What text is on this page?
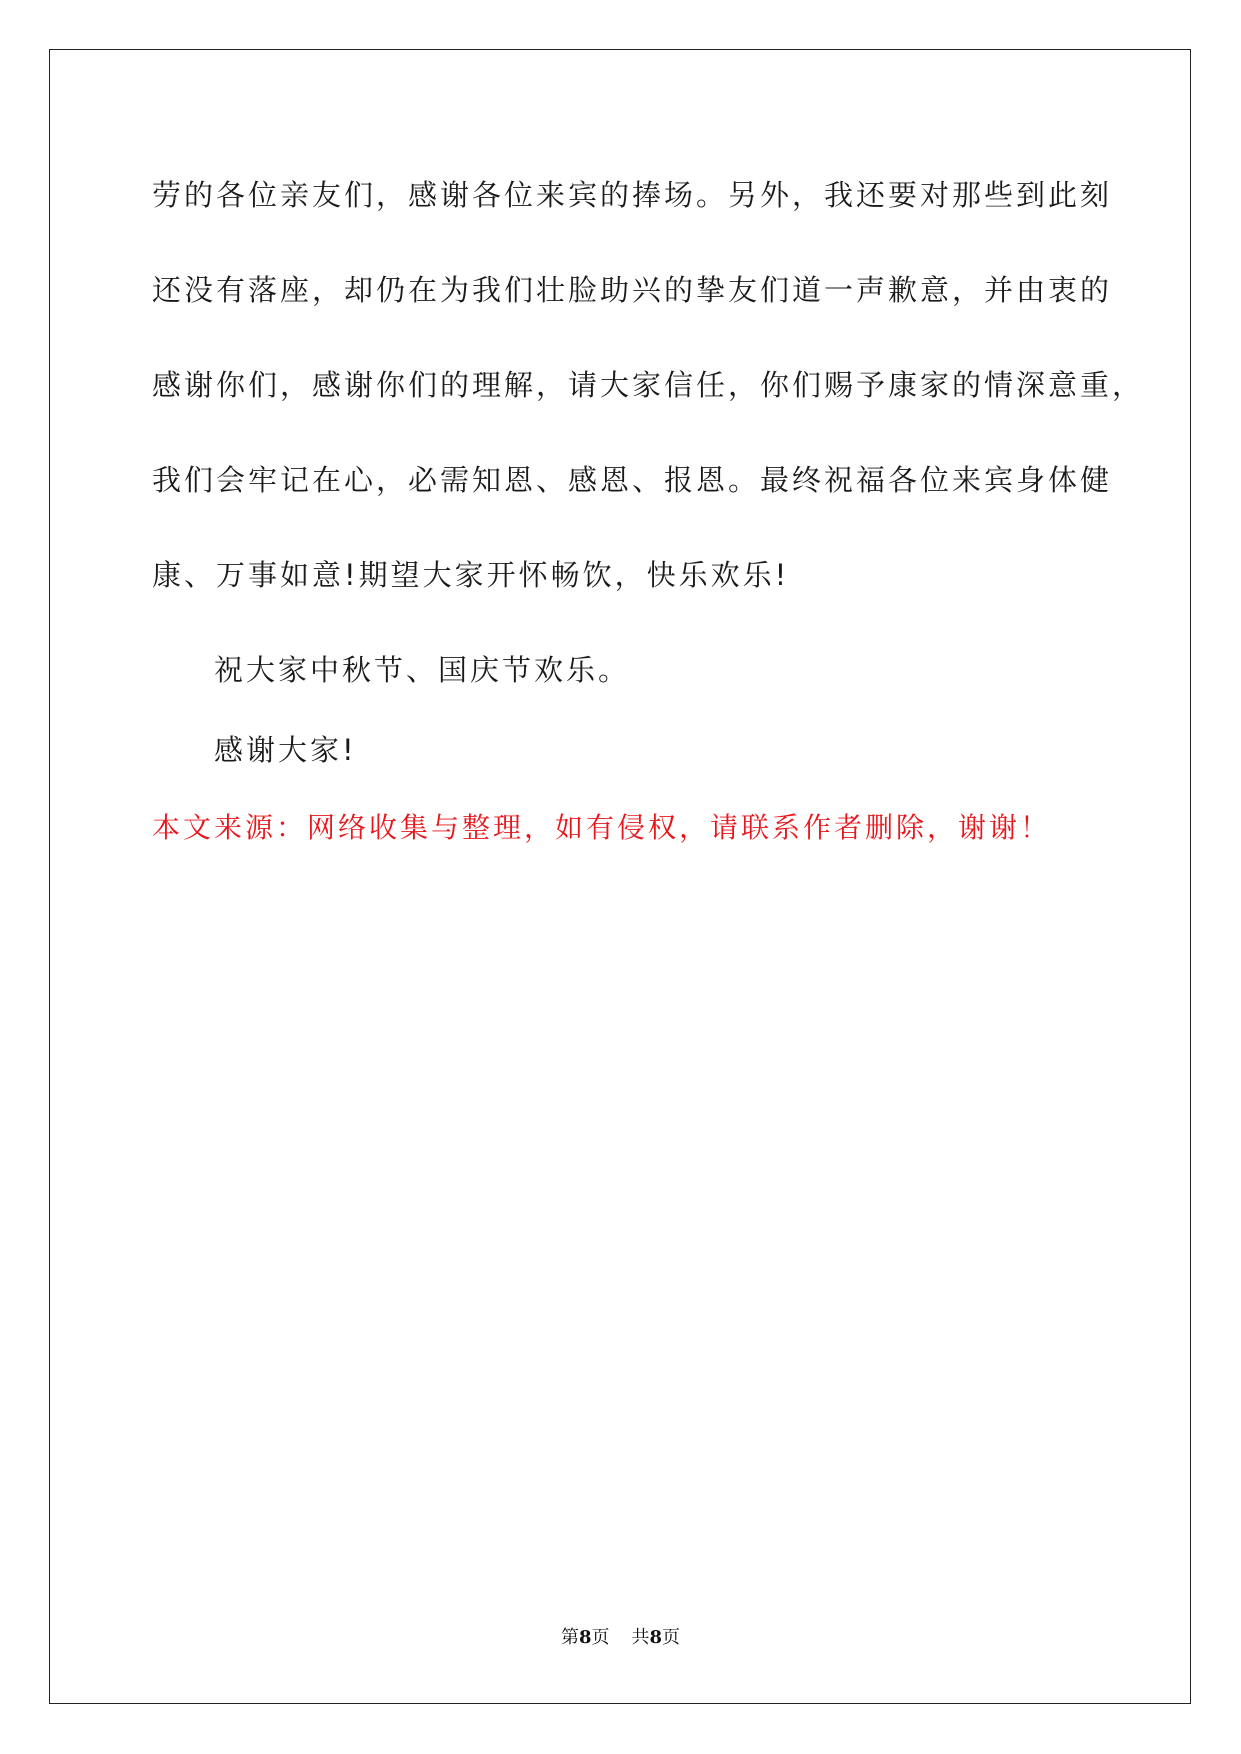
劳的各位亲友们，感谢各位来宾的捧场。另外，我还要对那些到此刻
还没有落座，却仍在为我们壮脸助兴的挚友们道一声歉意，并由衷的
感谢你们，感谢你们的理解，请大家信任，你们赐予康家的情深意重，
我们会牢记在心，必需知恩、感恩、报恩。最终祝福各位来宾身体健
康、万事如意!期望大家开怀畅饮，快乐欢乐!
祝大家中秋节、国庆节欢乐。
感谢大家!
本文来源：网络收集与整理，如有侵权，请联系作者删除，谢谢！
第8页 共8页
